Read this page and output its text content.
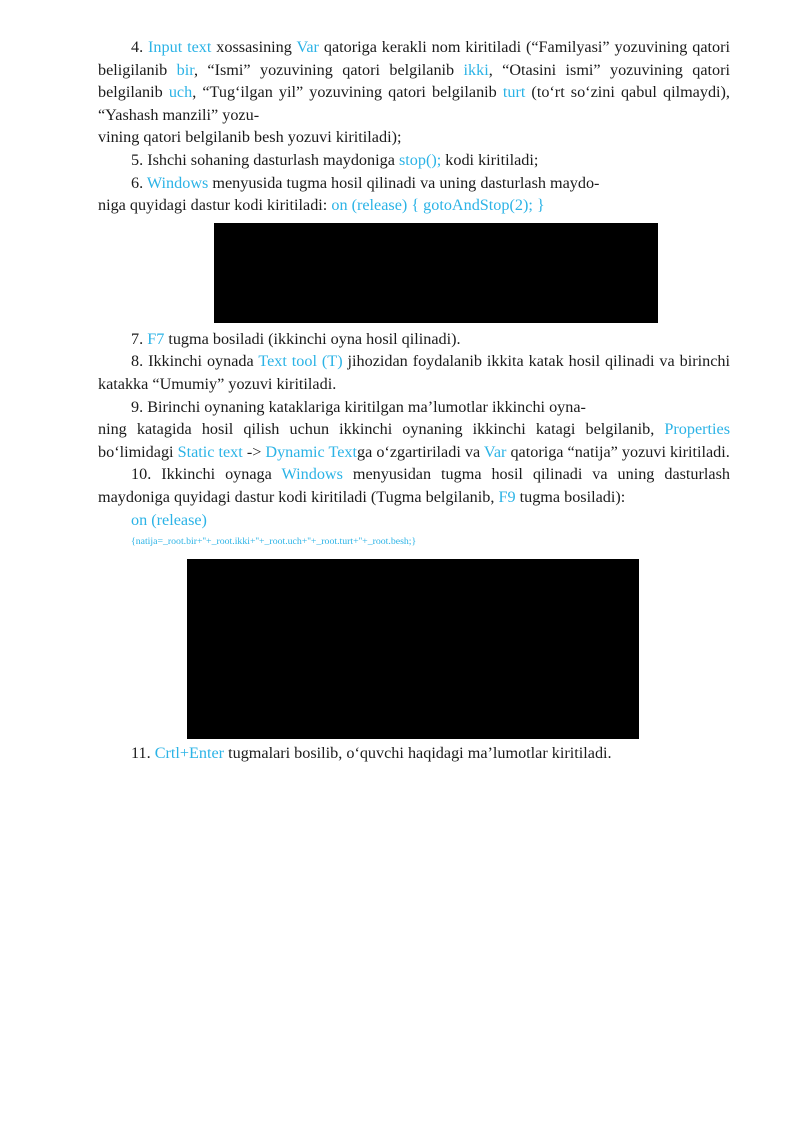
4. Input text xossasining Var qatoriga kerakli nom kiritiladi (“Familyasi” yozuvining qatori beligilanib bir, “Ismi” yozuvining qatori belgilanib ikki, “Otasini ismi” yozuvining qatori belgilanib uch, “Tug‘ilgan yil” yozuvining qatori belgilanib turt (to‘rt so‘zini qabul qilmaydi), “Yashash manzili” yozu-
vining qatori belgilanib besh yozuvi kiritiladi);

5. Ishchi sohaning dasturlash maydoniga stop(); kodi kiritiladi;

6. Windows menyusida tugma hosil qilinadi va uning dasturlash maydo-
niga quyidagi dastur kodi kiritiladi: on (release) { gotoAndStop(2); }

7. F7 tugma bosiladi (ikkinchi oyna hosil qilinadi).

8. Ikkinchi oynada Text tool (T) jihozidan foydalanib ikkita katak hosil qilinadi va birinchi katakka “Umumiy” yozuvi kiritiladi.

9. Birinchi oynaning kataklariga kiritilgan ma’lumotlar ikkinchi oyna-
ning katagida hosil qilish uchun ikkinchi oynaning ikkinchi katagi belgilanib, Properties bo‘limidagi Static text -> Dynamic Textga o‘zgartiriladi va Var qatoriga “natija” yozuvi kiritiladi.

10. Ikkinchi oynaga Windows menyusidan tugma hosil qilinadi va uning dasturlash maydoniga quyidagi dastur kodi kiritiladi (Tugma belgilanib, F9 tugma bosiladi):

on (release)

{natija=_root.bir+''+_root.ikki+''+_root.uch+''+_root.turt+''+_root.besh;}

11. Crtl+Enter tugmalari bosilib, o‘quvchi haqidagi ma’lumotlar kiritiladi.
